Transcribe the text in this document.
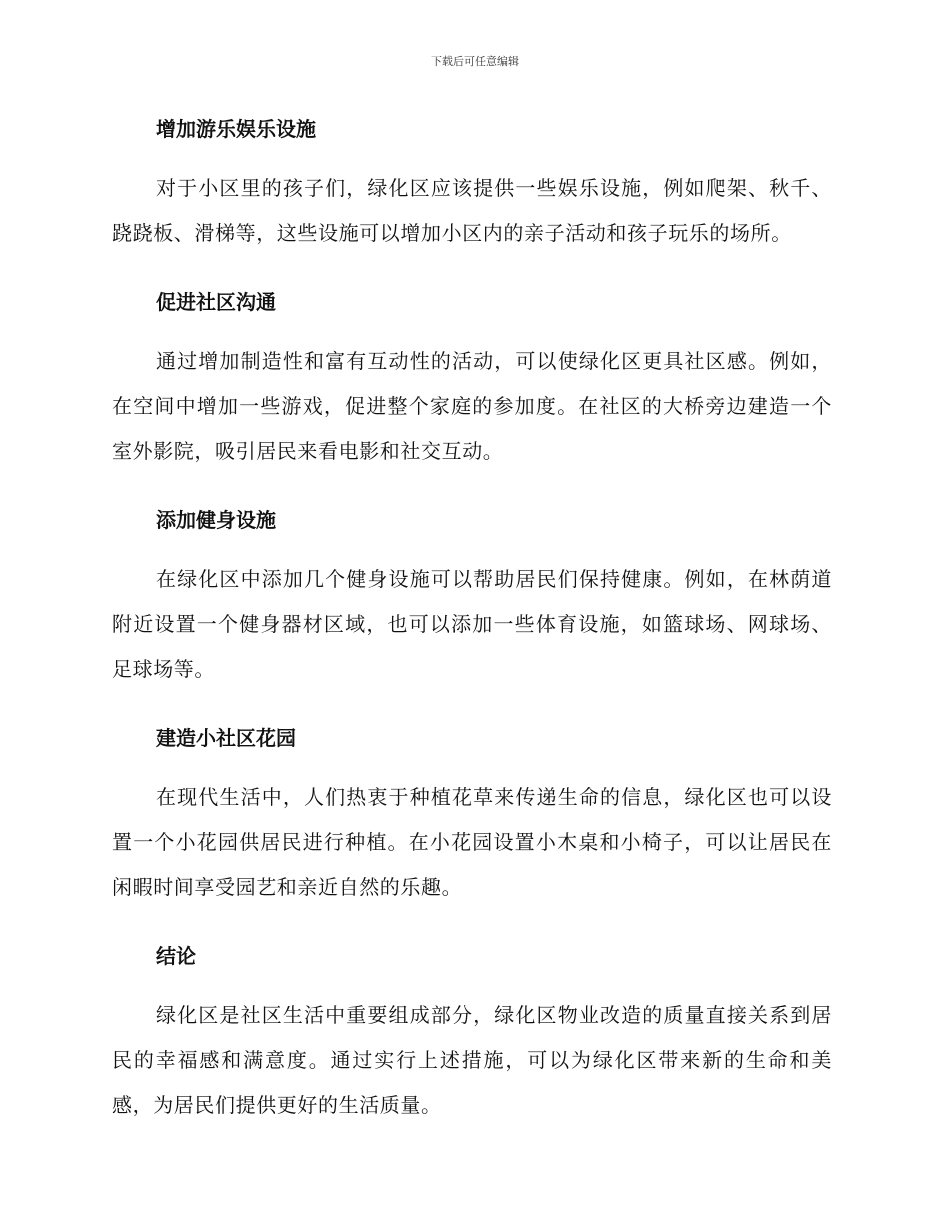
下载后可任意编辑
增加游乐娱乐设施

对于小区里的孩子们，绿化区应该提供一些娱乐设施，例如爬架、秋千、跷跷板、滑梯等，这些设施可以增加小区内的亲子活动和孩子玩乐的场所。

促进社区沟通

通过增加制造性和富有互动性的活动，可以使绿化区更具社区感。例如，在空间中增加一些游戏，促进整个家庭的参加度。在社区的大桥旁边建造一个室外影院，吸引居民来看电影和社交互动。

添加健身设施

在绿化区中添加几个健身设施可以帮助居民们保持健康。例如，在林荫道附近设置一个健身器材区域，也可以添加一些体育设施，如篮球场、网球场、足球场等。

建造小社区花园

在现代生活中，人们热衷于种植花草来传递生命的信息，绿化区也可以设置一个小花园供居民进行种植。在小花园设置小木桌和小椅子，可以让居民在闲暇时间享受园艺和亲近自然的乐趣。

结论

绿化区是社区生活中重要组成部分，绿化区物业改造的质量直接关系到居民的幸福感和满意度。通过实行上述措施，可以为绿化区带来新的生命和美感，为居民们提供更好的生活质量。
